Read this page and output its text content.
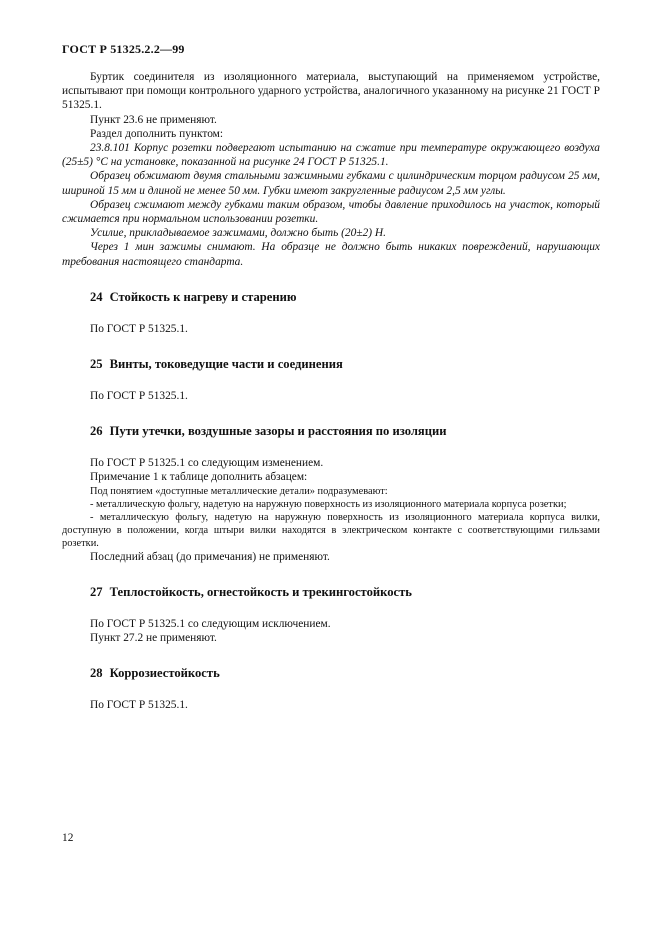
ГОСТ Р 51325.2.2—99

Буртик соединителя из изоляционного материала, выступающий на применяемом устройстве, испытывают при помощи контрольного ударного устройства, аналогичного указанному на рисунке 21 ГОСТ Р 51325.1.

Пункт 23.6 не применяют.

Раздел дополнить пунктом:

23.8.101 Корпус розетки подвергают испытанию на сжатие при температуре окружающего воздуха (25±5) °С на установке, показанной на рисунке 24 ГОСТ Р 51325.1.

Образец обжимают двумя стальными зажимными губками с цилиндрическим торцом радиусом 25 мм, шириной 15 мм и длиной не менее 50 мм. Губки имеют закругленные радиусом 2,5 мм углы.

Образец сжимают между губками таким образом, чтобы давление приходилось на участок, который сжимается при нормальном использовании розетки.

Усилие, прикладываемое зажимами, должно быть (20±2) Н.

Через 1 мин зажимы снимают. На образце не должно быть никаких повреждений, нарушающих требования настоящего стандарта.

24 Стойкость к нагреву и старению

По ГОСТ Р 51325.1.

25 Винты, токоведущие части и соединения

По ГОСТ Р 51325.1.

26 Пути утечки, воздушные зазоры и расстояния по изоляции

По ГОСТ Р 51325.1 со следующим изменением.

Примечание 1 к таблице дополнить абзацем:

Под понятием «доступные металлические детали» подразумевают:

- металлическую фольгу, надетую на наружную поверхность из изоляционного материала корпуса розетки;

- металлическую фольгу, надетую на наружную поверхность из изоляционного материала корпуса вилки, доступную в положении, когда штыри вилки находятся в электрическом контакте с соответствующими гильзами розетки.

Последний абзац (до примечания) не применяют.

27 Теплостойкость, огнестойкость и трекингостойкость

По ГОСТ Р 51325.1 со следующим исключением.

Пункт 27.2 не применяют.

28 Коррозиестойкость

По ГОСТ Р 51325.1.

12
